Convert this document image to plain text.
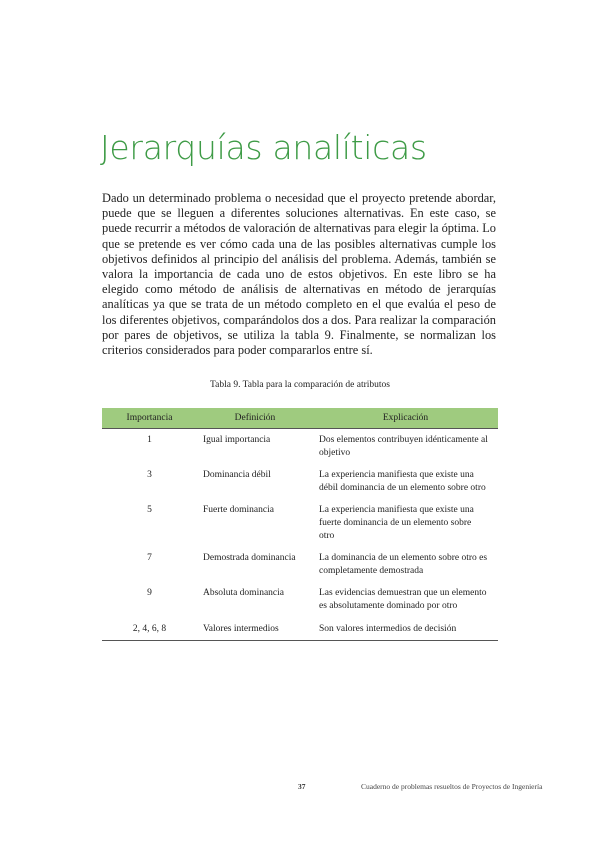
Jerarquías analíticas

Dado un determinado problema o necesidad que el proyecto pretende abordar, puede que se lleguen a diferentes soluciones alternativas. En este caso, se puede recurrir a métodos de valoración de alternativas para elegir la óptima. Lo que se pretende es ver cómo cada una de las posibles alternativas cumple los objetivos definidos al principio del análisis del problema. Además, también se valora la importancia de cada uno de estos objetivos. En este libro se ha elegido como método de análisis de alternativas en método de jerarquías analíticas ya que se trata de un método completo en el que evalúa el peso de los diferentes objetivos, comparándolos dos a dos. Para realizar la comparación por pares de objetivos, se utiliza la tabla 9. Finalmente, se normalizan los criterios considerados para poder compararlos entre sí.

Tabla 9. Tabla para la comparación de atributos
Importancia	Definición	Explicación
1	Igual importancia	Dos elementos contribuyen idénticamente al objetivo
3	Dominancia débil	La experiencia manifiesta que existe una débil dominancia de un elemento sobre otro
5	Fuerte dominancia	La experiencia manifiesta que existe una fuerte dominancia de un elemento sobre otro
7	Demostrada dominancia	La dominancia de un elemento sobre otro es completamente demostrada
9	Absoluta dominancia	Las evidencias demuestran que un elemento es absolutamente dominado por otro
2, 4, 6, 8	Valores intermedios	Son valores intermedios de decisión
37	Cuaderno de problemas resueltos de Proyectos de Ingeniería
